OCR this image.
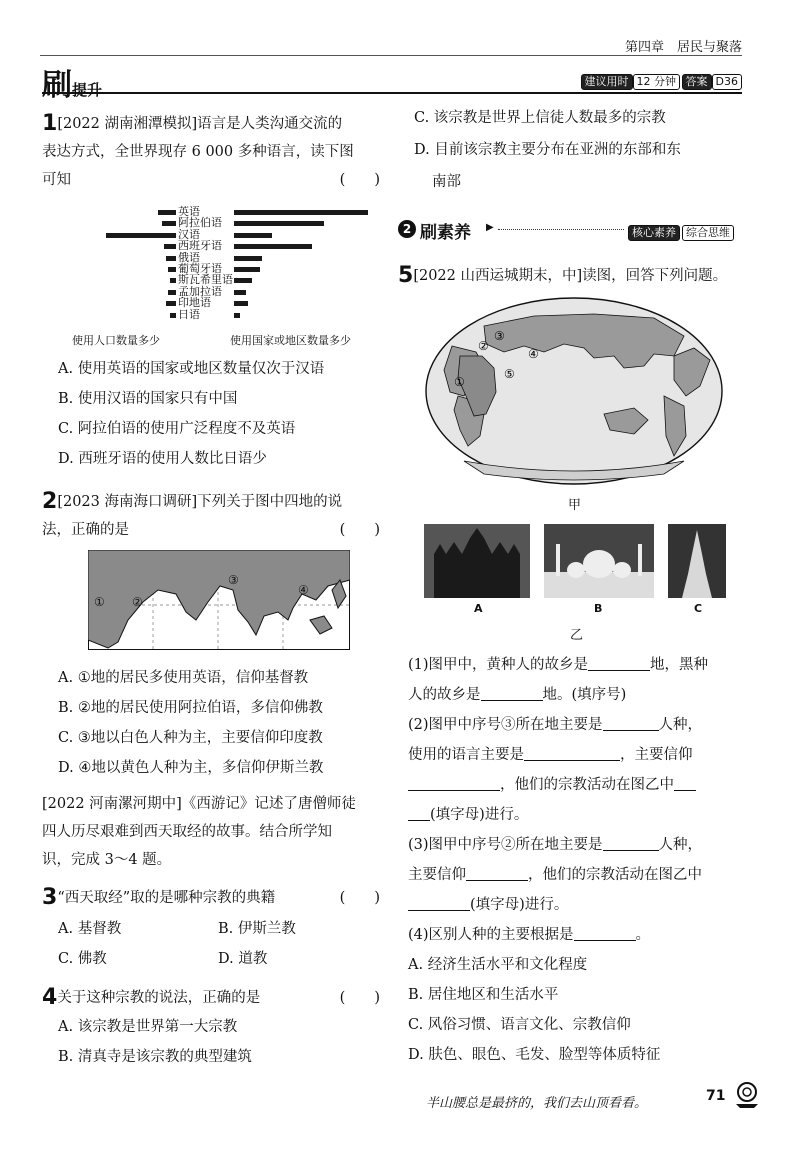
第四章　居民与聚落
刷提升	建议用时 12 分钟 答案 D36
1[2022 湖南湘潭模拟]语言是人类沟通交流的
表达方式，全世界现存 6 000 多种语言，读下图
可知	(　　)
英语
阿拉伯语
汉语
西班牙语
俄语
葡萄牙语
斯瓦希里语
孟加拉语
印地语
日语
使用人口数量多少	使用国家或地区数量多少
A. 使用英语的国家或地区数量仅次于汉语
B. 使用汉语的国家只有中国
C. 阿拉伯语的使用广泛程度不及英语
D. 西班牙语的使用人数比日语少
2[2023 海南海口调研]下列关于图中四地的说
法，正确的是	(　　)
① ②
③
④
A. ①地的居民多使用英语，信仰基督教
B. ②地的居民使用阿拉伯语，多信仰佛教
C. ③地以白色人种为主，主要信仰印度教
D. ④地以黄色人种为主，多信仰伊斯兰教
[2022 河南漯河期中]《西游记》记述了唐僧师徒
四人历尽艰难到西天取经的故事。结合所学知
识，完成 3～4 题。
3“西天取经”取的是哪种宗教的典籍	(　　)
A. 基督教	B. 伊斯兰教
C. 佛教	D. 道教
4关于这种宗教的说法，正确的是	(　　)
A. 该宗教是世界第一大宗教
B. 清真寺是该宗教的典型建筑
C. 该宗教是世界上信徒人数最多的宗教
D. 目前该宗教主要分布在亚洲的东部和东
南部
2 刷素养 ▶	核心素养 综合思维
5[2022 山西运城期末，中]读图，回答下列问题。
①
②
③
④
⑤
甲
A	B	C
乙
(1)图甲中，黄种人的故乡是	地，黑种
人的故乡是	地。(填序号)
(2)图甲中序号③所在地主要是	人种，
使用的语言主要是	，主要信仰
，他们的宗教活动在图乙中
(填字母)进行。
(3)图甲中序号②所在地主要是	人种，
主要信仰	，他们的宗教活动在图乙中
(填字母)进行。
(4)区别人种的主要根据是	。
A. 经济生活水平和文化程度
B. 居住地区和生活水平
C. 风俗习惯、语言文化、宗教信仰
D. 肤色、眼色、毛发、脸型等体质特征
半山腰总是最挤的，我们去山顶看看。	71
